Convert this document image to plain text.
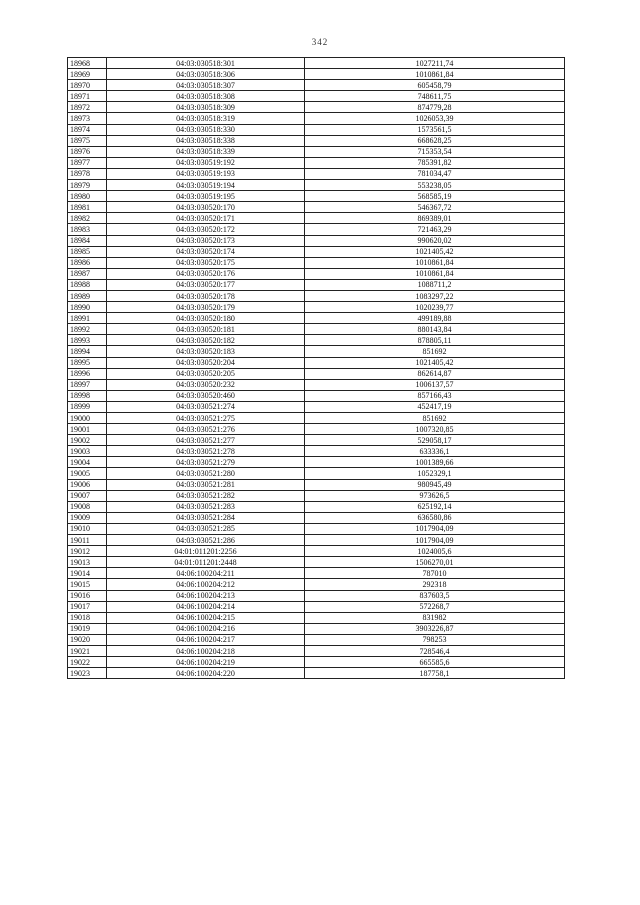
342
18968	04:03:030518:301	1027211,74
18969	04:03:030518:306	1010861,84
18970	04:03:030518:307	605458,79
18971	04:03:030518:308	748611,75
18972	04:03:030518:309	874779,28
18973	04:03:030518:319	1026053,39
18974	04:03:030518:330	1573561,5
18975	04:03:030518:338	668628,25
18976	04:03:030518:339	715353,54
18977	04:03:030519:192	785391,82
18978	04:03:030519:193	781034,47
18979	04:03:030519:194	553238,05
18980	04:03:030519:195	568585,19
18981	04:03:030520:170	546367,72
18982	04:03:030520:171	869389,01
18983	04:03:030520:172	721463,29
18984	04:03:030520:173	990620,02
18985	04:03:030520:174	1021405,42
18986	04:03:030520:175	1010861,84
18987	04:03:030520:176	1010861,84
18988	04:03:030520:177	1088711,2
18989	04:03:030520:178	1083297,22
18990	04:03:030520:179	1020239,77
18991	04:03:030520:180	499189,88
18992	04:03:030520:181	880143,84
18993	04:03:030520:182	878805,11
18994	04:03:030520:183	851692
18995	04:03:030520:204	1021405,42
18996	04:03:030520:205	862614,87
18997	04:03:030520:232	1006137,57
18998	04:03:030520:460	857166,43
18999	04:03:030521:274	452417,19
19000	04:03:030521:275	851692
19001	04:03:030521:276	1007320,85
19002	04:03:030521:277	529058,17
19003	04:03:030521:278	633336,1
19004	04:03:030521:279	1001389,66
19005	04:03:030521:280	1052329,1
19006	04:03:030521:281	980945,49
19007	04:03:030521:282	973626,5
19008	04:03:030521:283	625192,14
19009	04:03:030521:284	636580,86
19010	04:03:030521:285	1017904,09
19011	04:03:030521:286	1017904,09
19012	04:01:011201:2256	1024005,6
19013	04:01:011201:2448	1506270,01
19014	04:06:100204:211	787010
19015	04:06:100204:212	292318
19016	04:06:100204:213	837603,5
19017	04:06:100204:214	572268,7
19018	04:06:100204:215	831982
19019	04:06:100204:216	3903226,87
19020	04:06:100204:217	798253
19021	04:06:100204:218	728546,4
19022	04:06:100204:219	665585,6
19023	04:06:100204:220	187758,1
